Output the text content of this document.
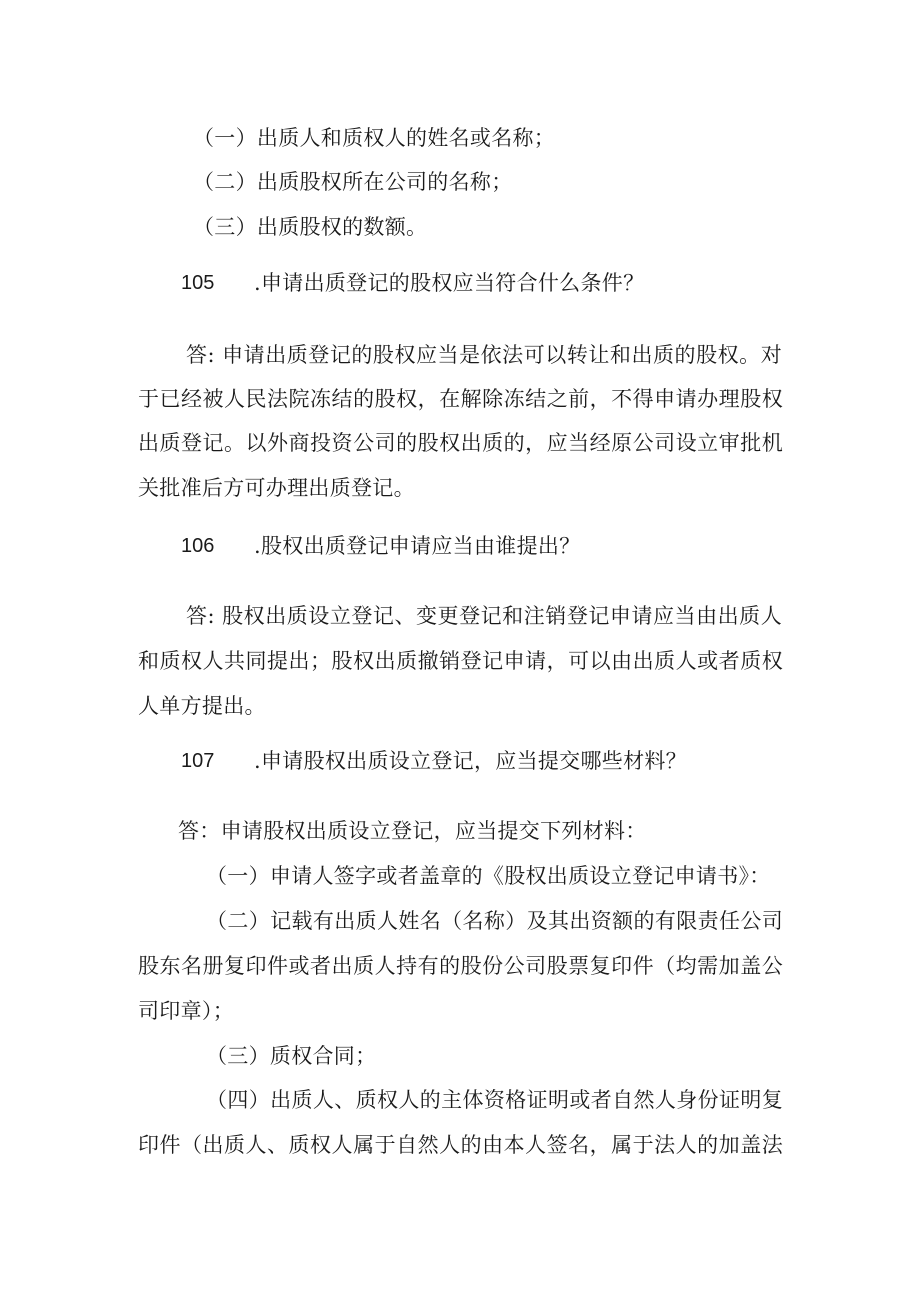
（一）出质人和质权人的姓名或名称；
（二）出质股权所在公司的名称；
（三）出质股权的数额。
105 .申请出质登记的股权应当符合什么条件？
答: 申请出质登记的股权应当是依法可以转让和出质的股权。对
于已经被人民法院冻结的股权，在解除冻结之前，不得申请办理股权
出质登记。以外商投资公司的股权出质的，应当经原公司设立审批机
关批准后方可办理出质登记。
106 .股权出质登记申请应当由谁提出？
答: 股权出质设立登记、变更登记和注销登记申请应当由出质人
和质权人共同提出；股权出质撤销登记申请，可以由出质人或者质权
人单方提出。
107 .申请股权出质设立登记，应当提交哪些材料？
答：申请股权出质设立登记，应当提交下列材料：
（一）申请人签字或者盖章的《股权出质设立登记申请书》：
（二）记载有出质人姓名（名称）及其出资额的有限责任公司
股东名册复印件或者出质人持有的股份公司股票复印件（均需加盖公
司印章）；
（三）质权合同；
（四）出质人、质权人的主体资格证明或者自然人身份证明复
印件（出质人、质权人属于自然人的由本人签名，属于法人的加盖法
